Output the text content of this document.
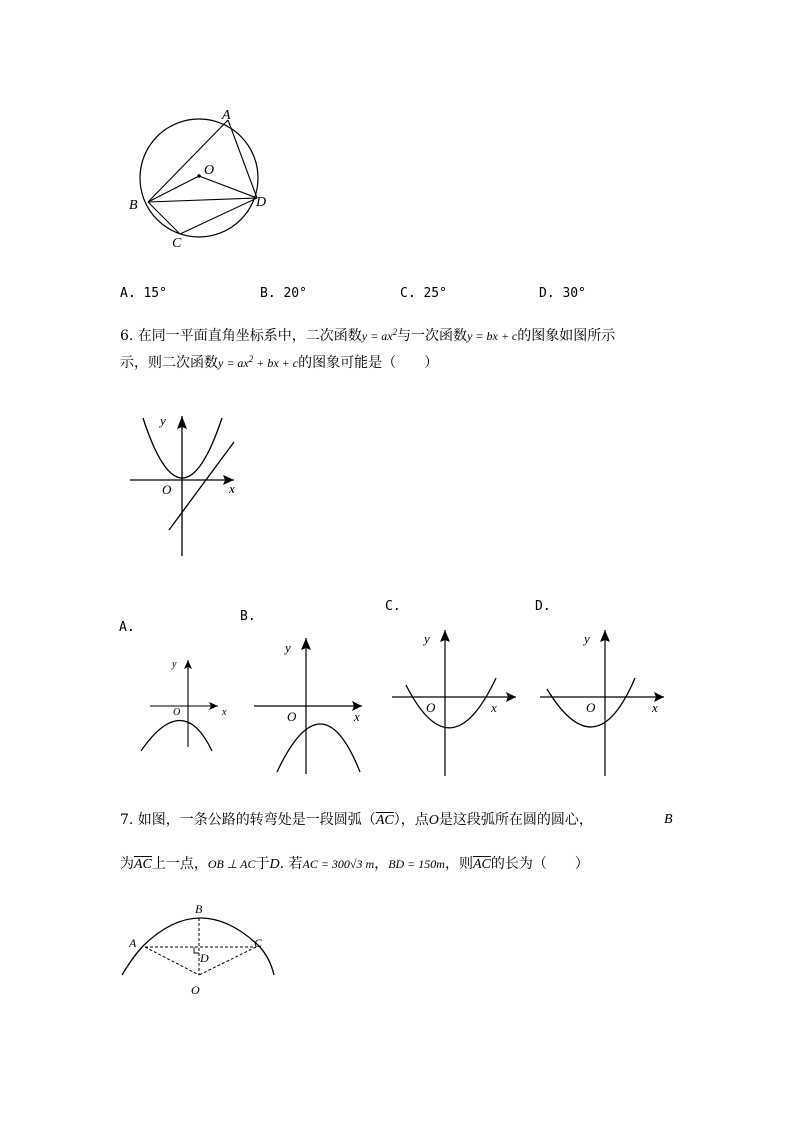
A
O
B	D
C
A. 15°	B. 20°	C. 25°	D. 30°
6. 在同一平面直角坐标系中，二次函数$y = ax^2$与一次函数y = bx + c的图象如图所示
示，则二次函数$y = ax^2$ + bx + c的图象可能是（　　）
y
x
O
A.
B.
C.	D.
y
x
O
y
x
O
y
x
O
y
x
O
7. 如图，一条公路的转弯处是一段圆弧$(\overline{AC})$，点O是这段弧所在圆的圆心，	B
为$\overline{AC}$上一点，OB ⊥ AC于D. 若AC = 300√3 m，BD = 150m，则$\overline{AC}$的长为（　　）
B
A	C
D
O
